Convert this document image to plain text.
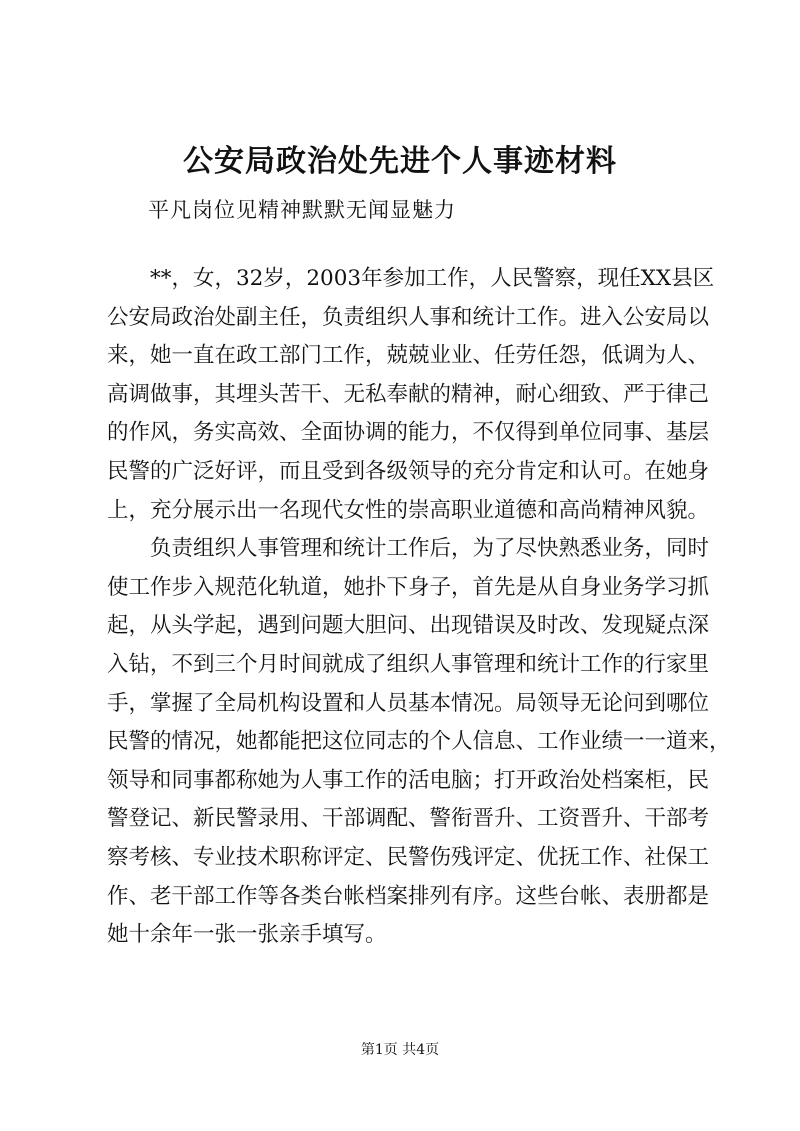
公安局政治处先进个人事迹材料
平凡岗位见精神默默无闻显魅力
**，女，32岁，2003年参加工作，人民警察，现任XX县区
公安局政治处副主任，负责组织人事和统计工作。进入公安局以
来，她一直在政工部门工作，兢兢业业、任劳任怨，低调为人、
高调做事，其埋头苦干、无私奉献的精神，耐心细致、严于律己
的作风，务实高效、全面协调的能力，不仅得到单位同事、基层
民警的广泛好评，而且受到各级领导的充分肯定和认可。在她身
上，充分展示出一名现代女性的崇高职业道德和高尚精神风貌。
负责组织人事管理和统计工作后，为了尽快熟悉业务，同时
使工作步入规范化轨道，她扑下身子，首先是从自身业务学习抓
起，从头学起，遇到问题大胆问、出现错误及时改、发现疑点深
入钻，不到三个月时间就成了组织人事管理和统计工作的行家里
手，掌握了全局机构设置和人员基本情况。局领导无论问到哪位
民警的情况，她都能把这位同志的个人信息、工作业绩一一道来，
领导和同事都称她为人事工作的活电脑；打开政治处档案柜，民
警登记、新民警录用、干部调配、警衔晋升、工资晋升、干部考
察考核、专业技术职称评定、民警伤残评定、优抚工作、社保工
作、老干部工作等各类台帐档案排列有序。这些台帐、表册都是
她十余年一张一张亲手填写。
第1页 共4页
